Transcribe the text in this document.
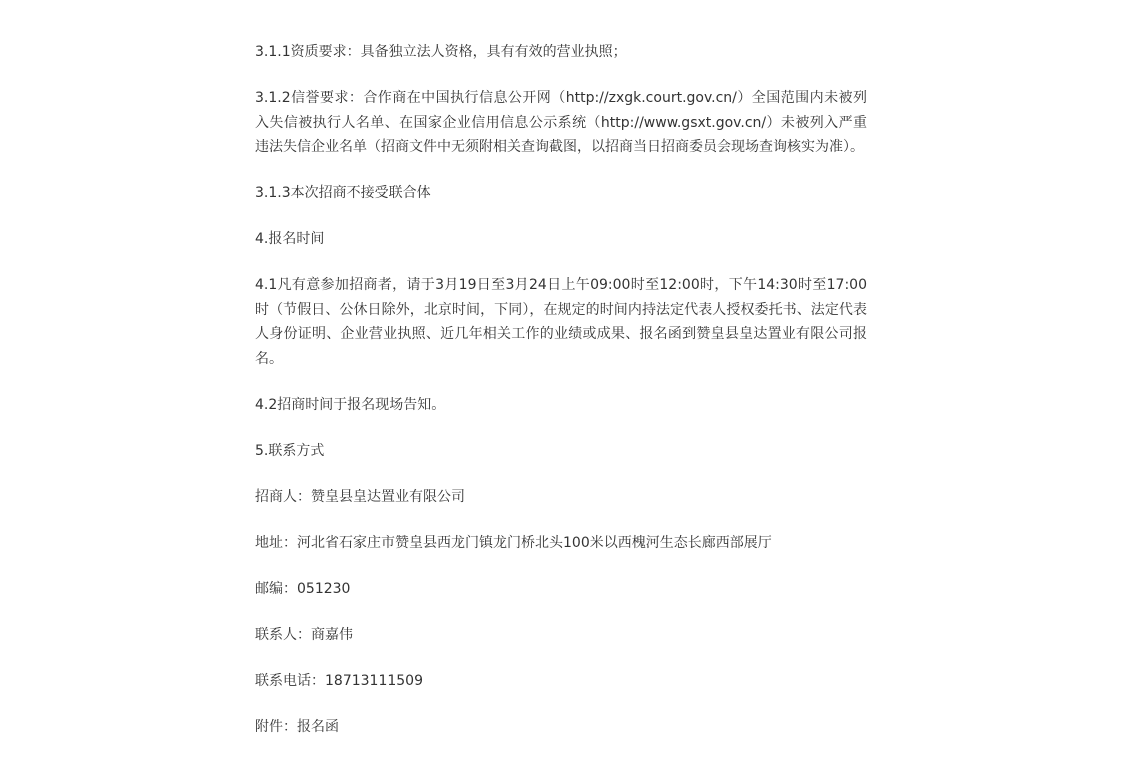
3.1.1资质要求：具备独立法人资格，具有有效的营业执照；

3.1.2信誉要求：合作商在中国执行信息公开网（http://zxgk.court.gov.cn/）全国范围内未被列入失信被执行人名单、在国家企业信用信息公示系统（http://www.gsxt.gov.cn/）未被列入严重违法失信企业名单（招商文件中无须附相关查询截图，以招商当日招商委员会现场查询核实为准）。

3.1.3本次招商不接受联合体

4.报名时间

4.1凡有意参加招商者，请于3月19日至3月24日上午09:00时至12:00时，下午14:30时至17:00时（节假日、公休日除外，北京时间，下同），在规定的时间内持法定代表人授权委托书、法定代表人身份证明、企业营业执照、近几年相关工作的业绩或成果、报名函到赞皇县皇达置业有限公司报名。

4.2招商时间于报名现场告知。

5.联系方式

招商人：赞皇县皇达置业有限公司

地址：河北省石家庄市赞皇县西龙门镇龙门桥北头100米以西槐河生态长廊西部展厅

邮编：051230

联系人：商嘉伟

联系电话：18713111509

附件：报名函
